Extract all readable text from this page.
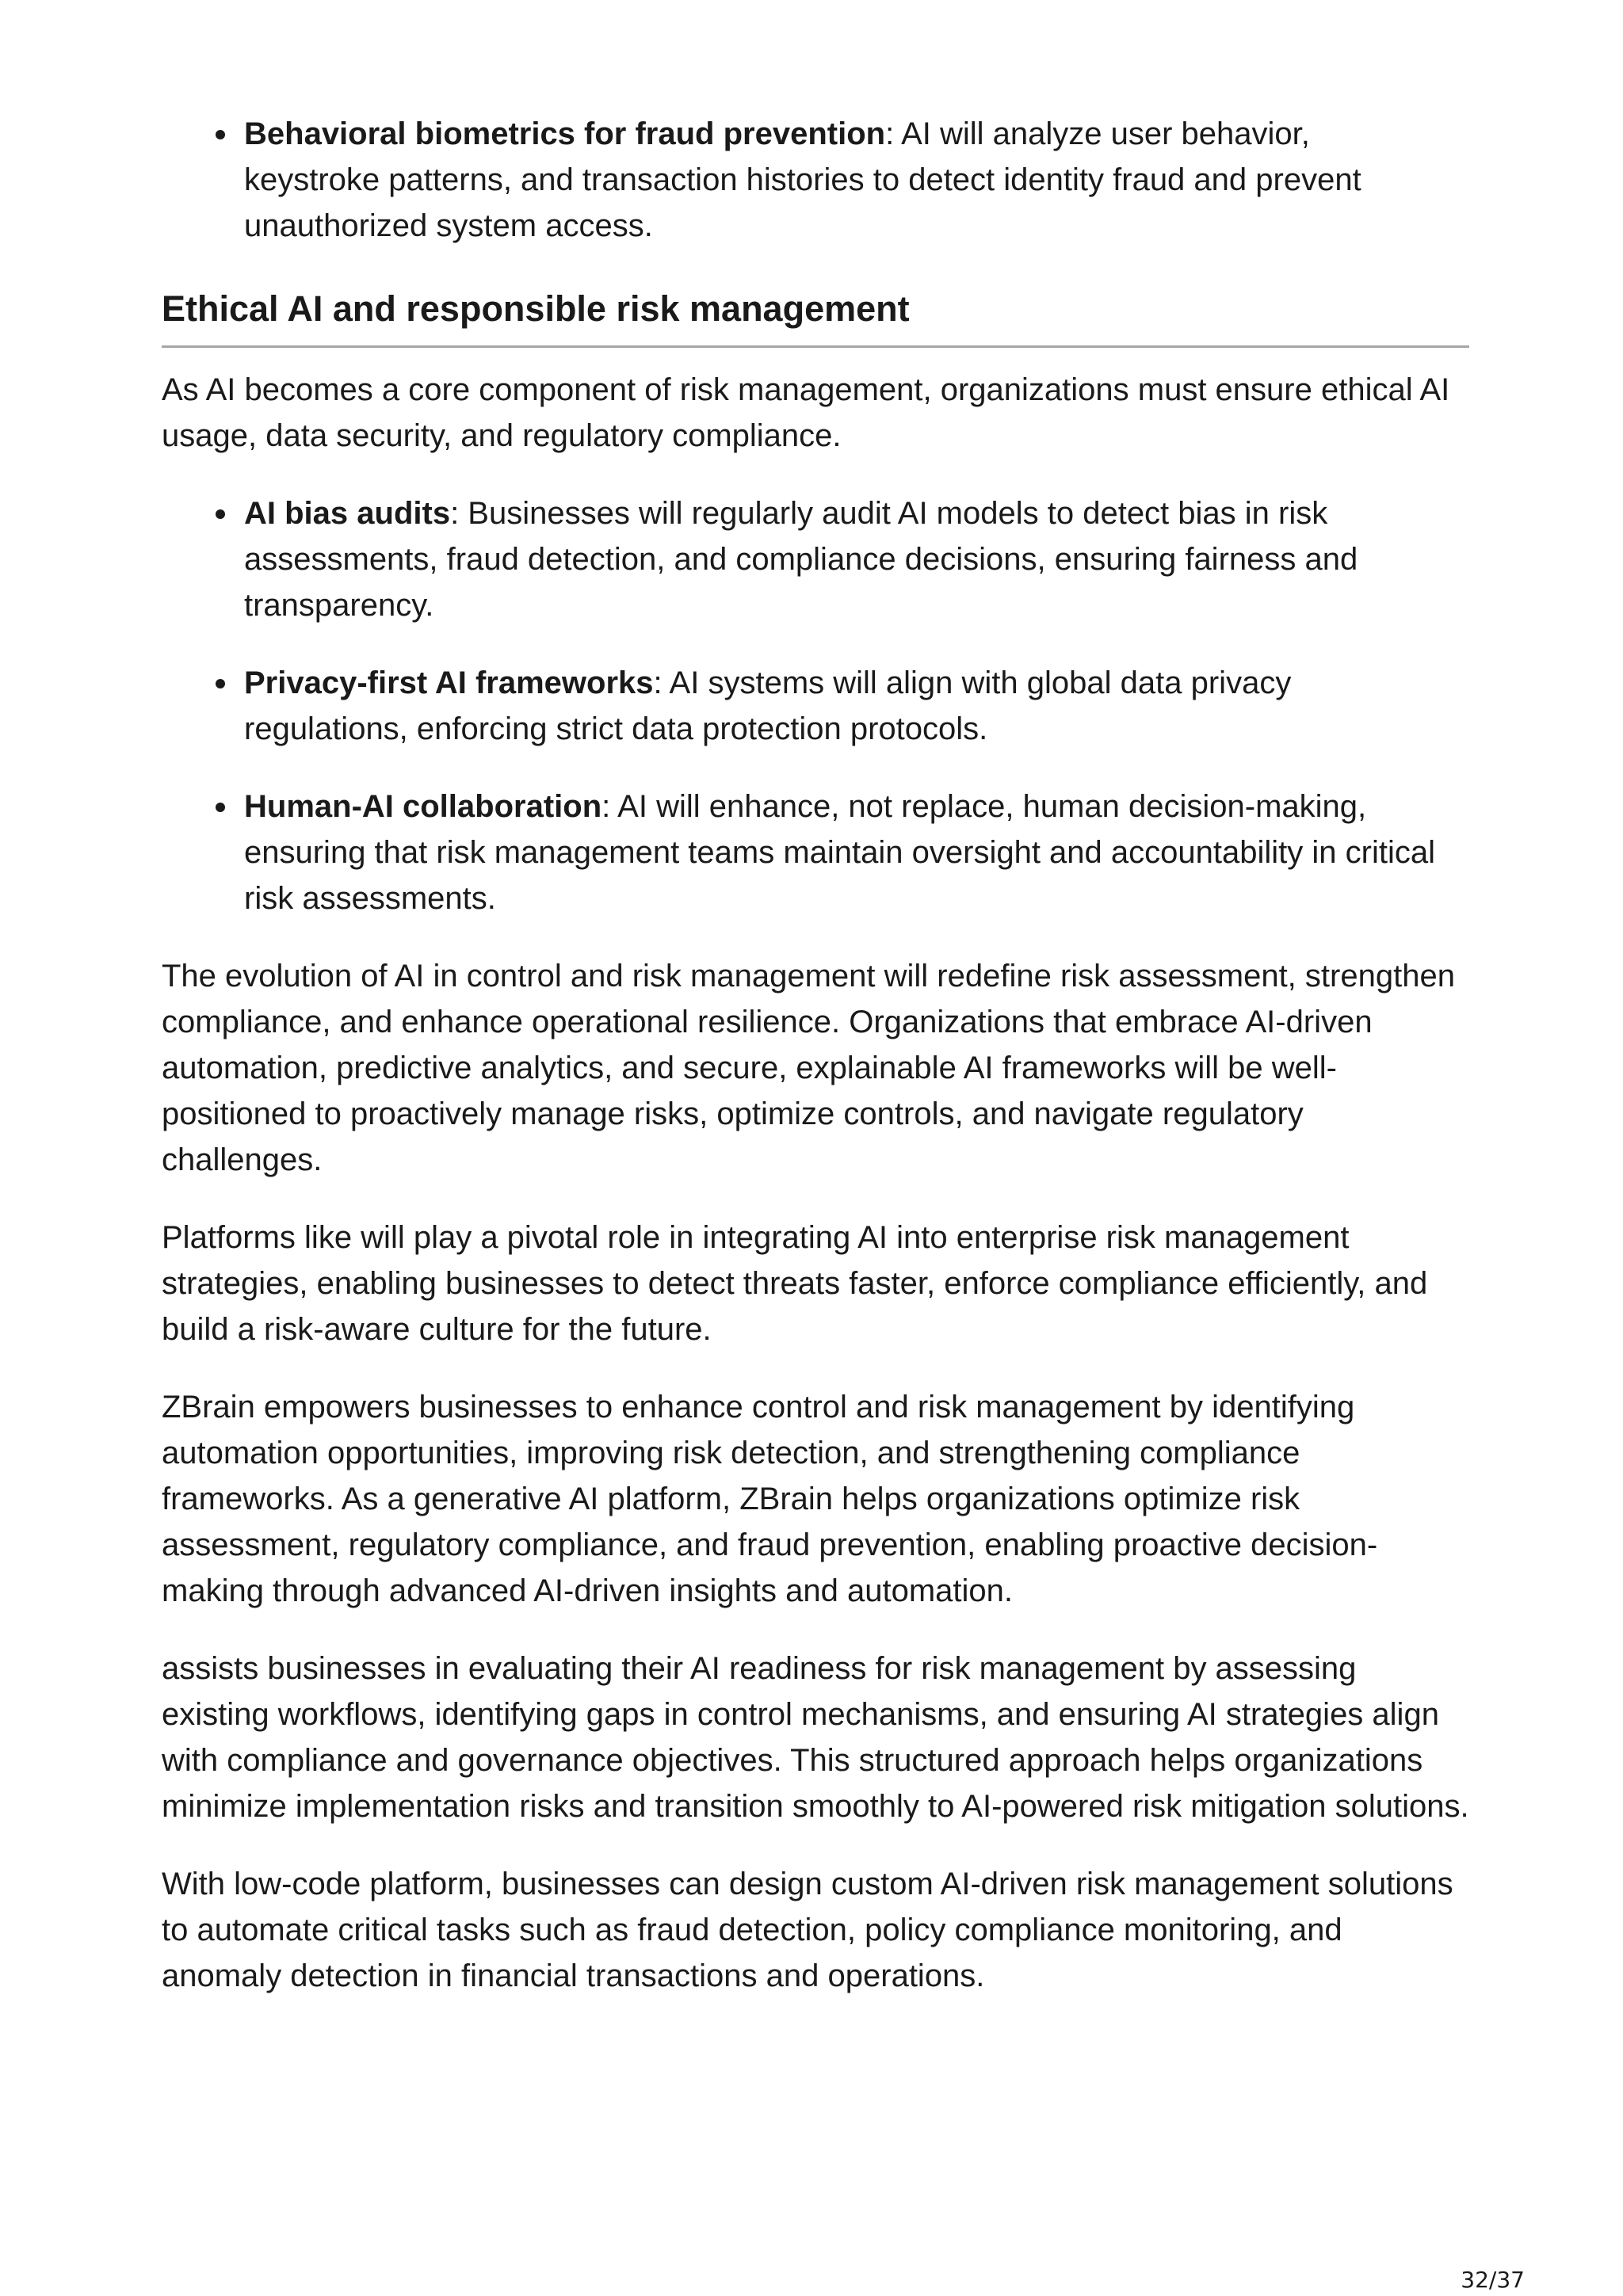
Behavioral biometrics for fraud prevention: AI will analyze user behavior, keystroke patterns, and transaction histories to detect identity fraud and prevent unauthorized system access.
Ethical AI and responsible risk management

As AI becomes a core component of risk management, organizations must ensure ethical AI usage, data security, and regulatory compliance.

AI bias audits: Businesses will regularly audit AI models to detect bias in risk assessments, fraud detection, and compliance decisions, ensuring fairness and transparency.
Privacy-first AI frameworks: AI systems will align with global data privacy regulations, enforcing strict data protection protocols.
Human-AI collaboration: AI will enhance, not replace, human decision-making, ensuring that risk management teams maintain oversight and accountability in critical risk assessments.

The evolution of AI in control and risk management will redefine risk assessment, strengthen compliance, and enhance operational resilience. Organizations that embrace AI-driven automation, predictive analytics, and secure, explainable AI frameworks will be well-positioned to proactively manage risks, optimize controls, and navigate regulatory challenges.

Platforms like will play a pivotal role in integrating AI into enterprise risk management strategies, enabling businesses to detect threats faster, enforce compliance efficiently, and build a risk-aware culture for the future.

ZBrain empowers businesses to enhance control and risk management by identifying automation opportunities, improving risk detection, and strengthening compliance frameworks. As a generative AI platform, ZBrain helps organizations optimize risk assessment, regulatory compliance, and fraud prevention, enabling proactive decision-making through advanced AI-driven insights and automation.

assists businesses in evaluating their AI readiness for risk management by assessing existing workflows, identifying gaps in control mechanisms, and ensuring AI strategies align with compliance and governance objectives. This structured approach helps organizations minimize implementation risks and transition smoothly to AI-powered risk mitigation solutions.

With low-code platform, businesses can design custom AI-driven risk management solutions to automate critical tasks such as fraud detection, policy compliance monitoring, and anomaly detection in financial transactions and operations.

32/37
